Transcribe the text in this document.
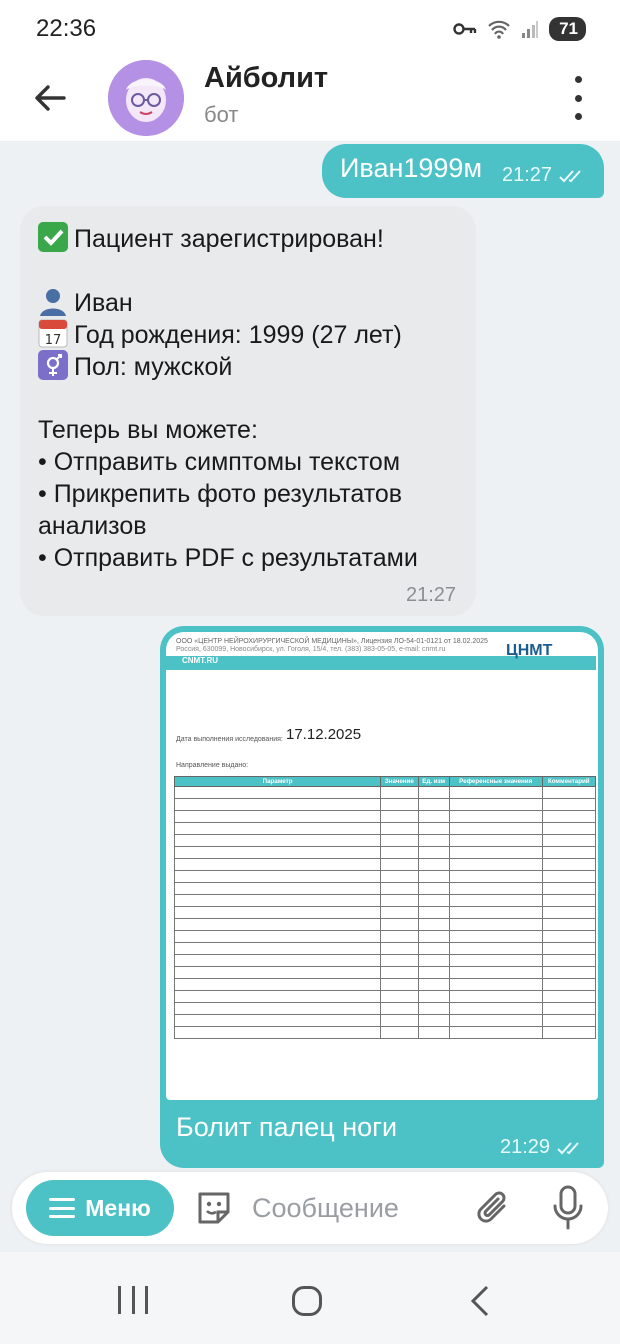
22:36	71
Айболит
бот
Иван1999м 21:27
Пациент зарегистрирован!
Иван
17 Год рождения: 1999 (27 лет)
Пол: мужской
Теперь вы можете:
• Отправить симптомы текстом
• Прикрепить фото результатов
анализов
• Отправить PDF с результатами
21:27
ООО «ЦЕНТР НЕЙРОХИРУРГИЧЕСКОЙ МЕДИЦИНЫ», Лицензия ЛО-54-01-0121 от 18.02.2025
Россия, 630099, Новосибирск, ул. Гоголя, 15/4, тел. (383) 383-05-05, e-mail: cnmt.ru
CNMT.RU
ЦНМТ
ОБЩИЙ АНАЛИЗ КРОВИ
Дата выполнения исследования: 17.12.2025
Направление выдано: Костюкова Надежда Викторовна
Параметр	Значение	Ед. изм	Референсные значения	Комментарий
Лейкоциты в крови (WBC)	12.63	×10⁹/л	4 - 9	
Эритроциты в крови (RBC)	4.34	×10¹²/л	3.8 - 5.3	
Гемоглобин в крови (HGB)	140	г/л	117 - 160	
Средний объем эритроцита (MCV)	94.2	фл	70 - 99	
Среднее содерж. гемоглобина в эритроците (MCH)	31.4	пг	27 - 34	
Распределение эритроцитов по объему - коэффициент	12.5	%	11 - 15	
Распределение эритроцитов по объему - стандартное	43.9	фл	29 - 46	
Гематокрит (HCT)	40.9	%	35 - 45	
Тромбоциты (PLT)	340	×10⁹/л	160 - 360	
Тромбокрит (PCT)	0.311	%	0.1 - 0.5	
СОЭ	17	мм/час	2 - 15	
Палочкоядерные нейтрофилы	1	%	1 - 5	
Сегментоядерные нейтрофилы	63.8	%	47 - 72	
Эозинофилы	0.6	%	0 - 5	
Базофилы	0.4	%	0 - 1	
Моноциты	5.6	%	3 - 11	
Лимфоциты	29.4	%	19 - 37	
Эозинофилы, абс	0.06	×10⁹/л	0 - 0.7	
Метамиелоциты	0	%	0	
Палочкоядерные нейтрофилы, абс	0	×10⁹/л	0 - 1	
Моноциты, абс	0.45	×10⁹/л	0 - 0.8	
Болит палец ноги
21:29
Меню
Сообщение
